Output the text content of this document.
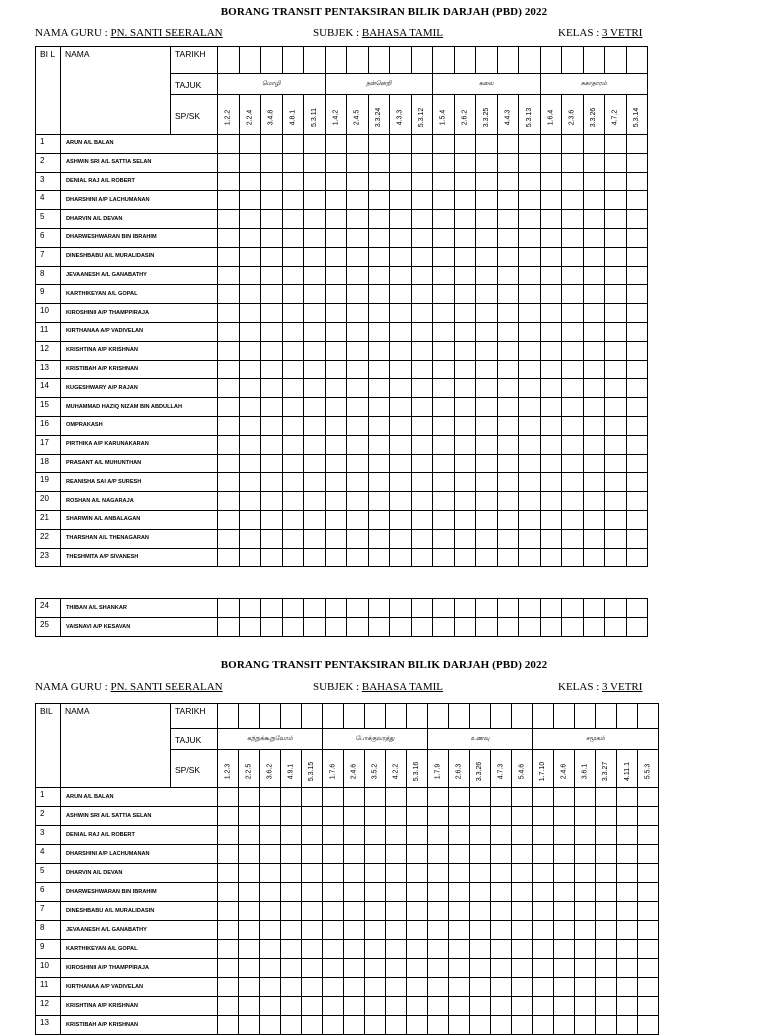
BORANG TRANSIT PENTAKSIRAN BILIK DARJAH (PBD) 2022
NAMA GURU : PN. SANTI SEERALAN	SUBJEK : BAHASA TAMIL	KELAS : 3 VETRI
BI L	NAMA	TARIKH																				
		TAJUK	மொழி					நன்னெறி					கலை					சுகாதாரம்				
		SP/SK	1.2.2	2.2.4	3.4.8	4.8.1	5.3.11	1.4.2	2.4.5	3.3.24	4.3.3	5.3.12	1.5.4	2.6.2	3.3.25	4.4.3	5.3.13	1.6.4	2.3.6	3.3.26	4.7.2	5.3.14
1	ARUN A/L BALAN																					
2	ASHWIN SRI A/L SATTIA SELAN																					
3	DENIAL RAJ A/L ROBERT																					
4	DHARSHINI A/P LACHUMANAN																					
5	DHARVIN A/L DEVAN																					
6	DHARWESHWARAN BIN IBRAHIM																					
7	DINESHBABU A/L MURALIDASIN																					
8	JEVAANESH A/L GANABATHY																					
9	KARTHIKEYAN A/L GOPAL																					
10	KIROSHINII A/P THAMPPIRAJA																					
11	KIRTHANAA A/P VADIVELAN																					
12	KRISHTINA A/P KRISHNAN																					
13	KRISTIBAH A/P KRISHNAN																					
14	KUGESHWARY A/P RAJAN																					
15	MUHAMMAD HAZIQ NIZAM BIN ABDULLAH																					
16	OMPRAKASH																					
17	PIRTHIKA A/P KARUNAKARAN																					
18	PRASANT A/L MUHUNTHAN																					
19	REANISHA SAI A/P SURESH																					
20	ROSHAN A/L NAGARAJA																					
21	SHARWIN A/L ANBALAGAN																					
22	THARSHAN A/L THENAGARAN																					
23	THESHMITA A/P SIVANESH																					

24	THIBAN A/L SHANKAR																					
25	VAISNAVI A/P KESAVAN																					
BORANG TRANSIT PENTAKSIRAN BILIK DARJAH (PBD) 2022
NAMA GURU : PN. SANTI SEERALAN	SUBJEK : BAHASA TAMIL	KELAS : 3 VETRI
BIL	NAMA	TARIKH																					
		TAJUK	கற்றுக்கூறுவோம்					போக்குவரத்து					உணவு					சமூகம்					
		SP/SK	1.2.3	2.2.5	3.6.2	4.9.1	5.3.15	1.7.6	2.4.6	3.5.2	4.2.2	5.3.16	1.7.9	2.6.3	3.3.26	4.7.3	5.4.6	1.7.10	2.4.6	3.6.1	3.3.27	4.11.1	5.5.3
1	ARUN A/L BALAN																						
2	ASHWIN SRI A/L SATTIA SELAN																						
3	DENIAL RAJ A/L ROBERT																						
4	DHARSHINI A/P LACHUMANAN																						
5	DHARVIN A/L DEVAN																						
6	DHARWESHWARAN BIN IBRAHIM																						
7	DINESHBABU A/L MURALIDASIN																						
8	JEVAANESH A/L GANABATHY																						
9	KARTHIKEYAN A/L GOPAL																						
10	KIROSHINII A/P THAMPPIRAJA																						
11	KIRTHANAA A/P VADIVELAN																						
12	KRISHTINA A/P KRISHNAN																						
13	KRISTIBAH A/P KRISHNAN																						
